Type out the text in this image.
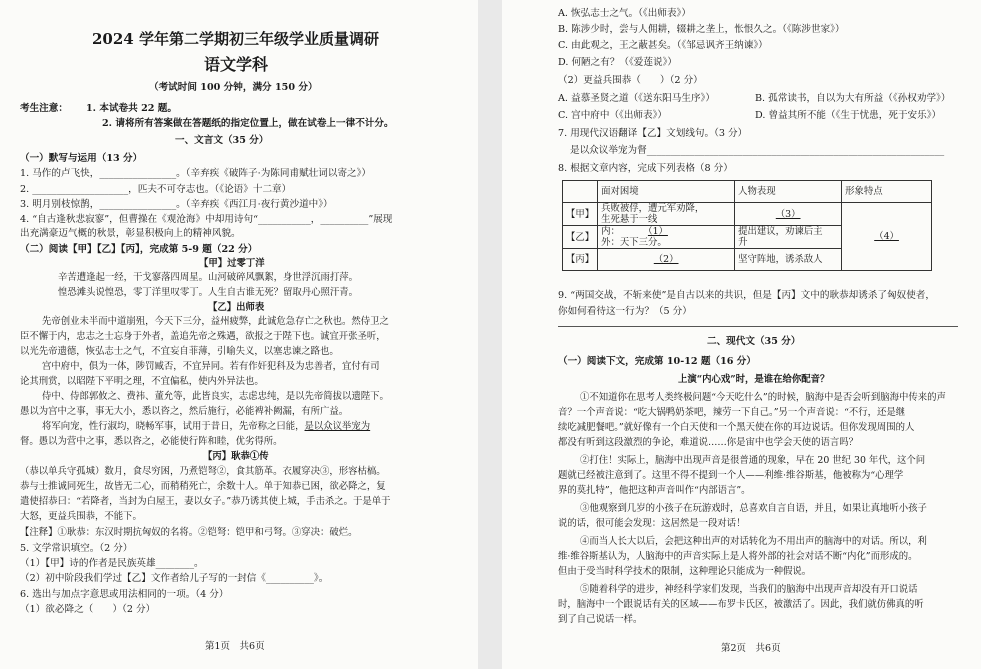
2024 学年第二学期初三年级学业质量调研
语文学科
（考试时间 100 分钟，满分 150 分）
考生注意： 1. 本试卷共 22 题。
2. 请将所有答案做在答题纸的指定位置上，做在试卷上一律不计分。
一、文言文（35 分）
（一）默写与运用（13 分）
1. 马作的卢飞快，________________。（辛弃疾《破阵子·为陈同甫赋壮词以寄之》）
2. ____________________，匹夫不可夺志也。（《论语》十二章）
3. 明月别枝惊鹊，________________。（辛弃疾《西江月·夜行黄沙道中》）
4. “自古逢秋悲寂寥”，但曹操在《观沧海》中却用诗句“___________，__________”展现
出充满豪迈气概的秋景，彰显积极向上的精神风貌。
（二）阅读【甲】【乙】【丙】，完成第 5-9 题（22 分）
【甲】过零丁洋
辛苦遭逢起一经，干戈寥落四周星。山河破碎风飘絮，身世浮沉雨打萍。
惶恐滩头说惶恐，零丁洋里叹零丁。人生自古谁无死？留取丹心照汗青。
【乙】出师表
先帝创业未半而中道崩殂，今天下三分，益州疲弊，此诚危急存亡之秋也。然侍卫之
臣不懈于内，忠志之士忘身于外者，盖追先帝之殊遇，欲报之于陛下也。诚宜开张圣听，
以光先帝遗德，恢弘志士之气，不宜妄自菲薄，引喻失义，以塞忠谏之路也。
宫中府中，俱为一体，陟罚臧否，不宜异同。若有作奸犯科及为忠善者，宜付有司
论其刑赏，以昭陛下平明之理，不宜偏私，使内外异法也。
侍中、侍郎郭攸之、费祎、董允等，此皆良实，志虑忠纯，是以先帝简拔以遗陛下。
愚以为宫中之事，事无大小，悉以咨之，然后施行，必能裨补阙漏，有所广益。
将军向宠，性行淑均，晓畅军事，试用于昔日，先帝称之曰能，是以众议举宠为
督。愚以为营中之事，悉以咨之，必能使行阵和睦，优劣得所。
【丙】耿恭①传
（恭以单兵守孤城）数月，食尽穷困，乃煮铠弩②，食其筋革。衣履穿决③，形容枯槁。
恭与士推诚同死生，故皆无二心，而稍稍死亡，余数十人。单于知恭已困，欲必降之，复
遣使招恭曰：“若降者，当封为白屋王，妻以女子。”恭乃诱其使上城，手击杀之。于是单于
大怒，更益兵围恭，不能下。
【注释】①耿恭：东汉时期抗匈奴的名将。②铠弩：铠甲和弓弩。③穿决：破烂。
5. 文学常识填空。（2 分）
（1）【甲】诗的作者是民族英雄________。
（2）初中阶段我们学过【乙】文作者给儿子写的一封信《__________》。
6. 选出与加点字意思或用法相同的一项。（4 分）
（1）欲必降之（　　）（2 分）
第1页　共6页
A. 恢弘志士之气。（《出师表》）
B. 陈涉少时，尝与人佣耕，辍耕之垄上，怅恨久之。（《陈涉世家》）
C. 由此观之，王之蔽甚矣。（《邹忌讽齐王纳谏》）
D. 何陋之有？（《爱莲说》）
（2）更益兵围恭（　　）（2 分）
A. 益慕圣贤之道（《送东阳马生序》）	B. 孤常读书，自以为大有所益（《孙权劝学》）
C. 宫中府中（《出师表》）	D. 曾益其所不能（《生于忧患，死于安乐》）
7. 用现代汉语翻译【乙】文划线句。（3 分）
是以众议举宠为督______________________________________________________________
8. 根据文章内容，完成下列表格（8 分）
	面对困境	人物表现	形象特点
【甲】	兵败被俘，遭元军劝降，
生死悬于一线	（3）	（4）
【乙】	内： （1）
外：天下三分。	提出建议，劝谏后主
升	
【丙】	（2）	坚守阵地，诱杀敌人	
9. “两国交战，不斩来使”是自古以来的共识，但是【丙】文中的耿恭却诱杀了匈奴使者，
你如何看待这一行为？（5 分）
二、现代文（35 分）
（一）阅读下文，完成第 10-12 题（16 分）
上演“内心戏”时，是谁在给你配音？
①不知道你在思考人类终极问题“今天吃什么”的时候，脑海中是否会听到脑海中传来的声
音？一个声音说：“吃大锅鸭奶茶吧，辣劳一下自己。”另一个声音说：“不行，还是继
续吃减肥餐吧。”就好像有一个白天使和一个黑天使在你的耳边说话。但你发现周围的人
都没有听到这段激烈的争论，难道说……你是宙中也学会天使的语言吗？
②打住！实际上，脑海中出现声音是很普通的现象，早在 20 世纪 30 年代，这个问
题就已经被注意到了。这里不得不提到一个人——利维·维谷斯基，他被称为“心理学
界的莫扎特”，他把这种声音叫作“内部语言”。
③他观察到几岁的小孩子在玩游戏时，总喜欢自言自语，并且，如果让真地听小孩子
说的话，很可能会发现：这居然是一段对话！
④而当人长大以后，会把这种出声的对话转化为不用出声的脑海中的对话。所以，利
维·维谷斯基认为，人脑海中的声音实际上是人将外部的社会对话不断“内化”而形成的。
但由于受当时科学技术的限制，这种理论只能成为一种假说。
⑤随着科学的进步，神经科学家们发现，当我们的脑海中出现声音却没有开口说话
时，脑海中一个跟说话有关的区域——布罗卡氏区，被激活了。因此，我们就仿佛真的听
到了自己说话一样。
第2页　共6页
